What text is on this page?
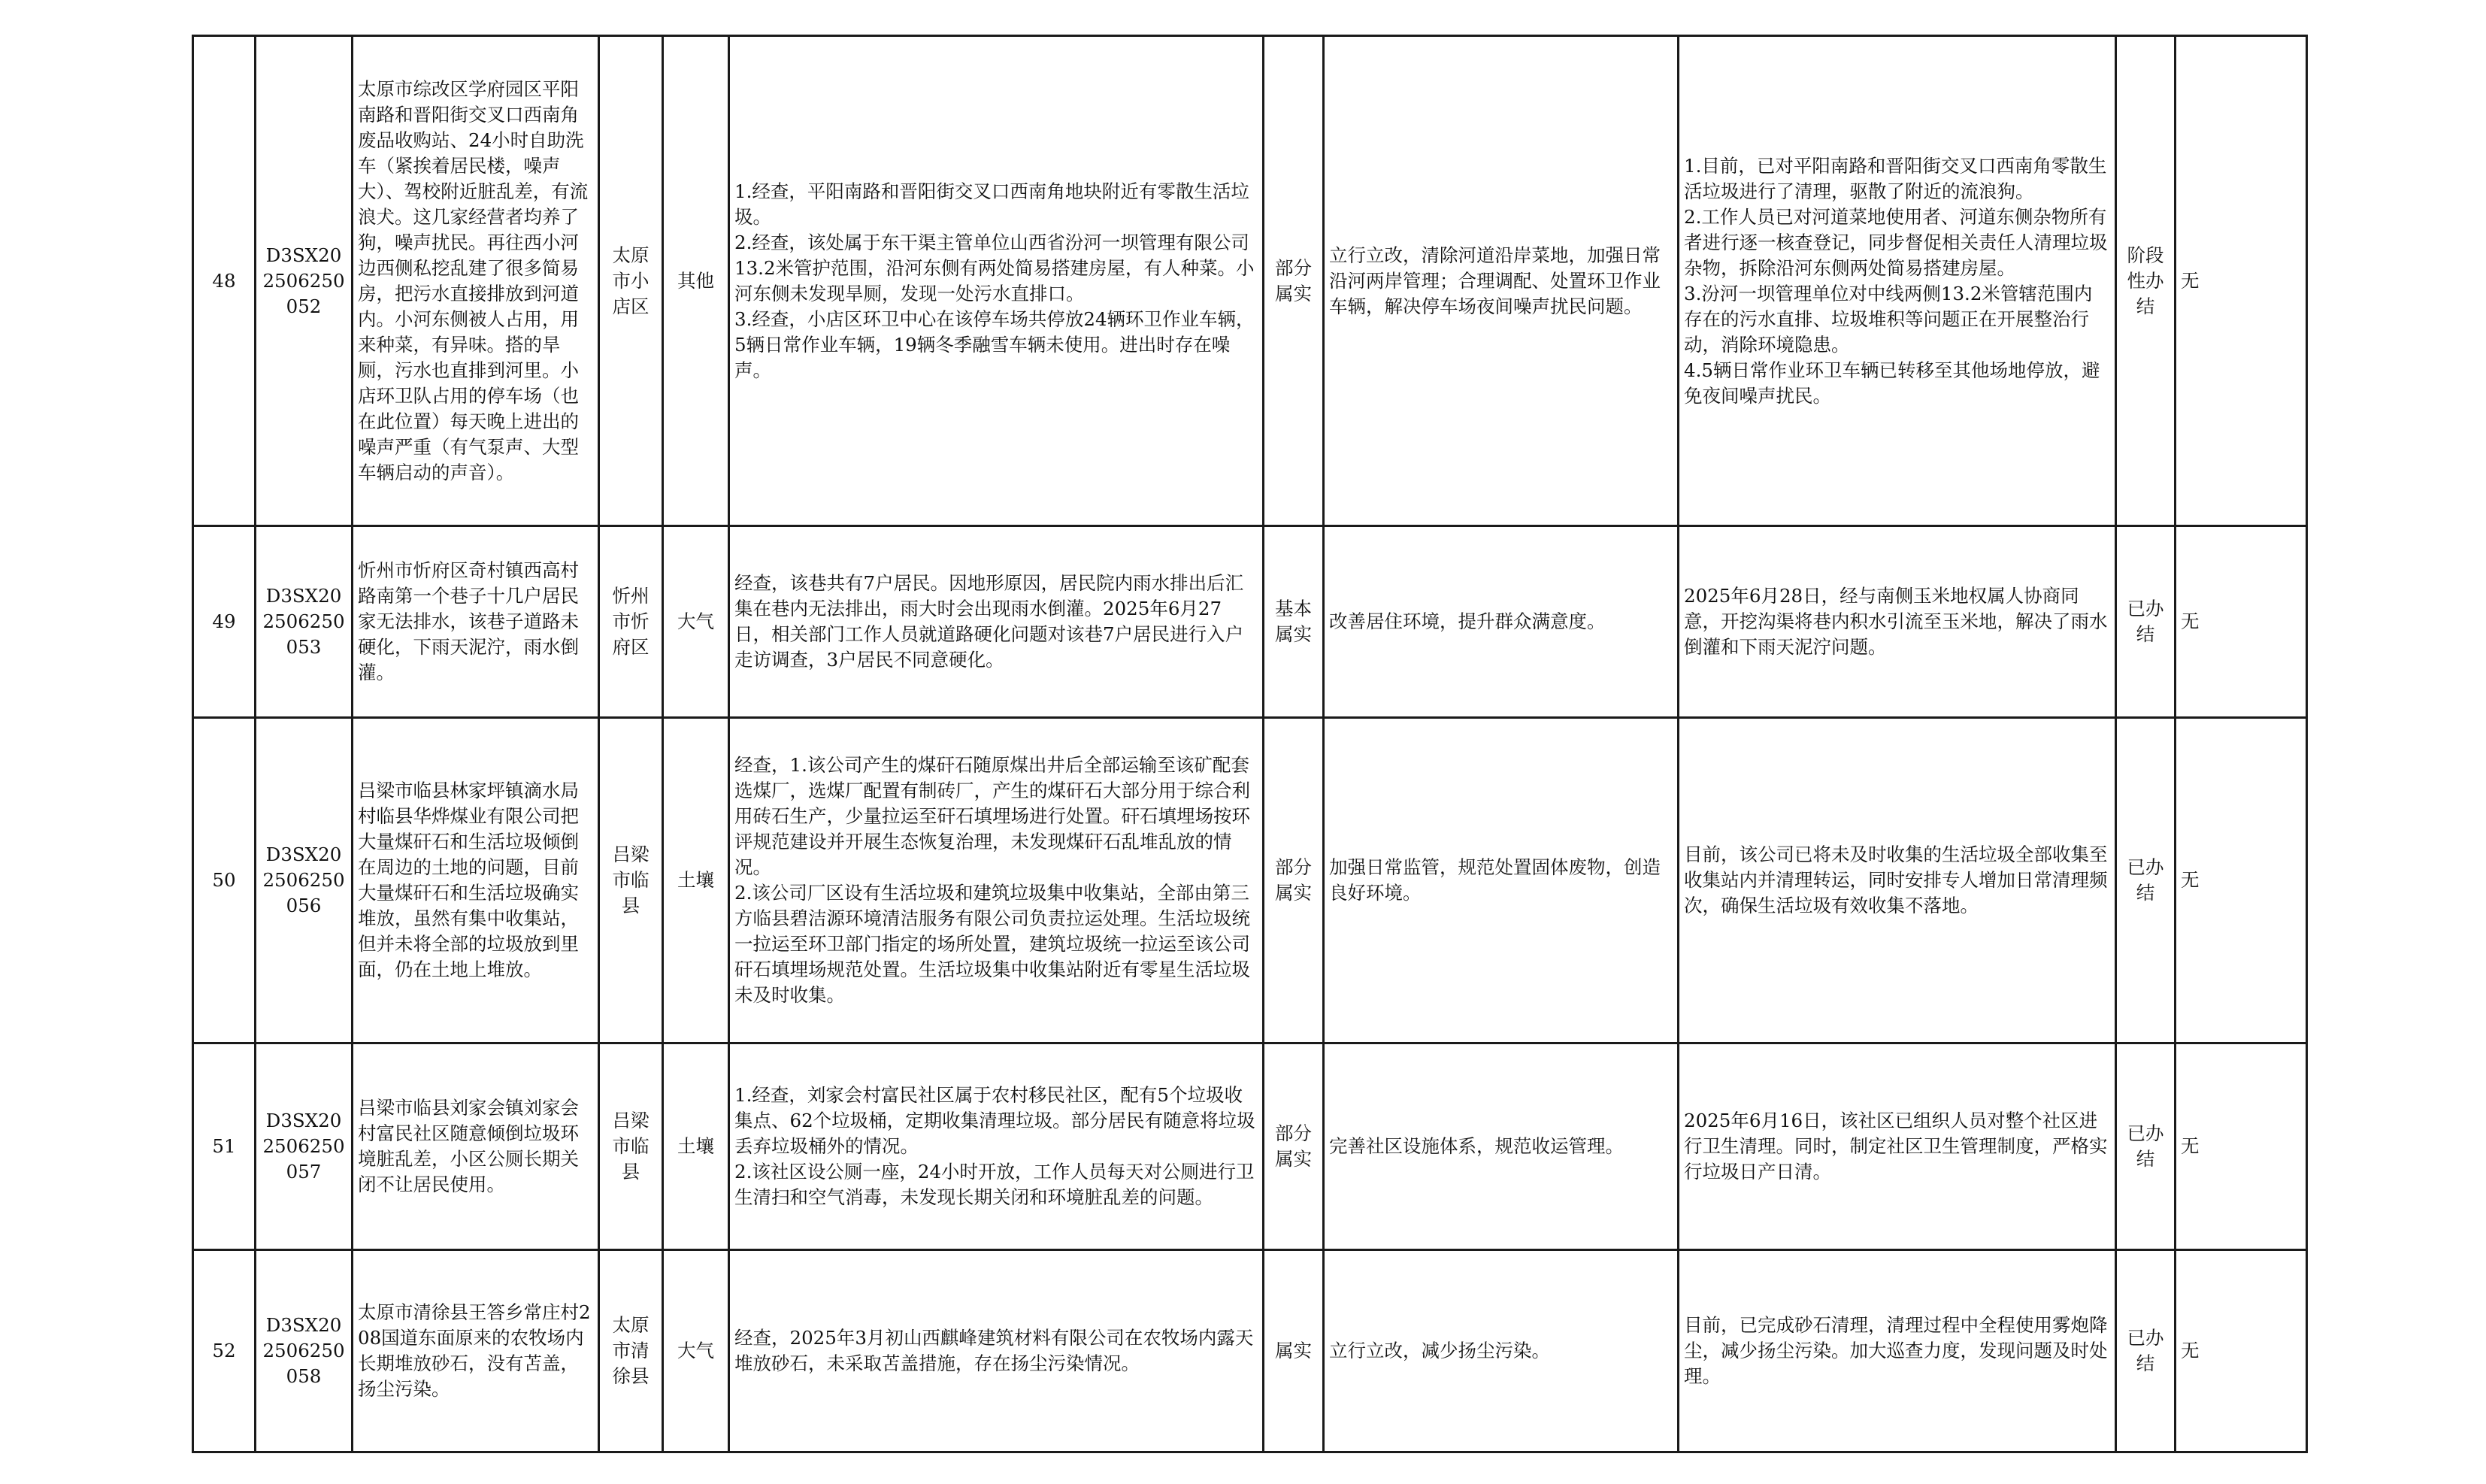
48	D3SX202506250052	太原市综改区学府园区平阳南路和晋阳街交叉口西南角废品收购站、24小时自助洗车（紧挨着居民楼，噪声大）、驾校附近脏乱差，有流浪犬。这几家经营者均养了狗，噪声扰民。再往西小河边西侧私挖乱建了很多简易房，把污水直接排放到河道内。小河东侧被人占用，用来种菜，有异味。搭的旱厕，污水也直排到河里。小店环卫队占用的停车场（也在此位置）每天晚上进出的噪声严重（有气泵声、大型车辆启动的声音）。	太原市小店区	其他	1.经查，平阳南路和晋阳街交叉口西南角地块附近有零散生活垃圾。
2.经查，该处属于东干渠主管单位山西省汾河一坝管理有限公司13.2米管护范围，沿河东侧有两处简易搭建房屋，有人种菜。小河东侧未发现旱厕，发现一处污水直排口。
3.经查，小店区环卫中心在该停车场共停放24辆环卫作业车辆，5辆日常作业车辆，19辆冬季融雪车辆未使用。进出时存在噪声。	部分属实	立行立改，清除河道沿岸菜地，加强日常沿河两岸管理；合理调配、处置环卫作业车辆，解决停车场夜间噪声扰民问题。	1.目前，已对平阳南路和晋阳街交叉口西南角零散生活垃圾进行了清理，驱散了附近的流浪狗。
2.工作人员已对河道菜地使用者、河道东侧杂物所有者进行逐一核查登记，同步督促相关责任人清理垃圾杂物，拆除沿河东侧两处简易搭建房屋。
3.汾河一坝管理单位对中线两侧13.2米管辖范围内存在的污水直排、垃圾堆积等问题正在开展整治行动，消除环境隐患。
4.5辆日常作业环卫车辆已转移至其他场地停放，避免夜间噪声扰民。	阶段性办结	无
49	D3SX202506250053	忻州市忻府区奇村镇西高村路南第一个巷子十几户居民家无法排水，该巷子道路未硬化，下雨天泥泞，雨水倒灌。	忻州市忻府区	大气	经查，该巷共有7户居民。因地形原因，居民院内雨水排出后汇集在巷内无法排出，雨大时会出现雨水倒灌。2025年6月27日，相关部门工作人员就道路硬化问题对该巷7户居民进行入户走访调查，3户居民不同意硬化。	基本属实	改善居住环境，提升群众满意度。	2025年6月28日，经与南侧玉米地权属人协商同意，开挖沟渠将巷内积水引流至玉米地，解决了雨水倒灌和下雨天泥泞问题。	已办结	无
50	D3SX202506250056	吕梁市临县林家坪镇滴水局村临县华烨煤业有限公司把大量煤矸石和生活垃圾倾倒在周边的土地的问题，目前大量煤矸石和生活垃圾确实堆放，虽然有集中收集站，但并未将全部的垃圾放到里面，仍在土地上堆放。	吕梁市临县	土壤	经查，1.该公司产生的煤矸石随原煤出井后全部运输至该矿配套选煤厂，选煤厂配置有制砖厂，产生的煤矸石大部分用于综合利用砖石生产，少量拉运至矸石填埋场进行处置。矸石填埋场按环评规范建设并开展生态恢复治理，未发现煤矸石乱堆乱放的情况。
2.该公司厂区设有生活垃圾和建筑垃圾集中收集站，全部由第三方临县碧洁源环境清洁服务有限公司负责拉运处理。生活垃圾统一拉运至环卫部门指定的场所处置，建筑垃圾统一拉运至该公司矸石填埋场规范处置。生活垃圾集中收集站附近有零星生活垃圾未及时收集。	部分属实	加强日常监管，规范处置固体废物，创造良好环境。	目前，该公司已将未及时收集的生活垃圾全部收集至收集站内并清理转运，同时安排专人增加日常清理频次，确保生活垃圾有效收集不落地。	已办结	无
51	D3SX202506250057	吕梁市临县刘家会镇刘家会村富民社区随意倾倒垃圾环境脏乱差，小区公厕长期关闭不让居民使用。	吕梁市临县	土壤	1.经查，刘家会村富民社区属于农村移民社区，配有5个垃圾收集点、62个垃圾桶，定期收集清理垃圾。部分居民有随意将垃圾丢弃垃圾桶外的情况。
2.该社区设公厕一座，24小时开放，工作人员每天对公厕进行卫生清扫和空气消毒，未发现长期关闭和环境脏乱差的问题。	部分属实	完善社区设施体系，规范收运管理。	2025年6月16日，该社区已组织人员对整个社区进行卫生清理。同时，制定社区卫生管理制度，严格实行垃圾日产日清。	已办结	无
52	D3SX202506250058	太原市清徐县王答乡常庄村208国道东面原来的农牧场内长期堆放砂石，没有苫盖，扬尘污染。	太原市清徐县	大气	经查，2025年3月初山西麒峰建筑材料有限公司在农牧场内露天堆放砂石，未采取苫盖措施，存在扬尘污染情况。	属实	立行立改，减少扬尘污染。	目前，已完成砂石清理，清理过程中全程使用雾炮降尘，减少扬尘污染。加大巡查力度，发现问题及时处理。	已办结	无
